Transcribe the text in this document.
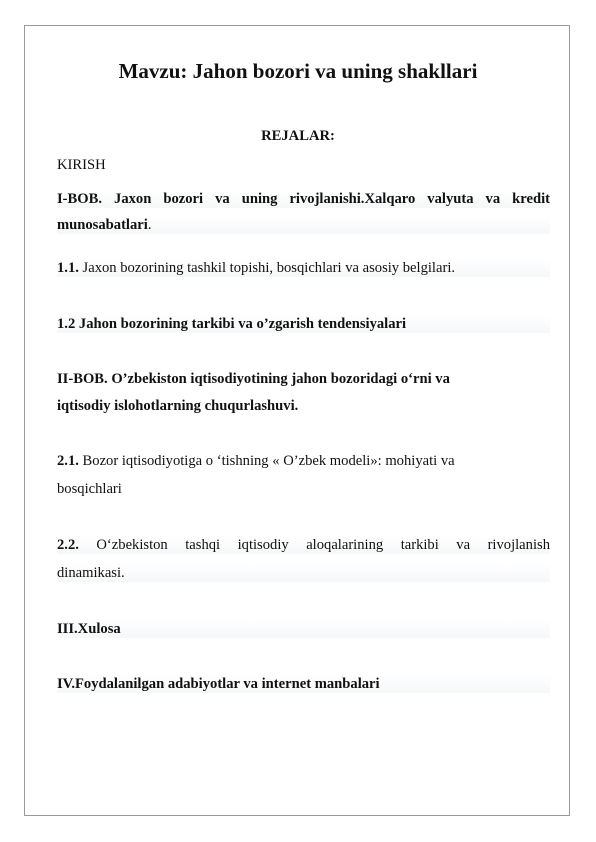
Mavzu: Jahon bozori va uning shakllari
REJALAR:
KIRISH
I-BOB. Jaxon bozori va uning rivojlanishi.Xalqaro valyuta va kredit
munosabatlari.
1.1. Jaxon bozorining tashkil topishi, bosqichlari va asosiy belgilari.
1.2 Jahon bozorining tarkibi va o’zgarish tendensiyalari
II-BOB. O’zbekiston iqtisodiyotining jahon bozoridagi o‘rni va
iqtisodiy islohotlarning chuqurlashuvi.
2.1. Bozor iqtisodiyotiga o ‘tishning « O’zbek modeli»: mohiyati va
bosqichlari
2.2. O‘zbekiston tashqi iqtisodiy aloqalarining tarkibi va rivojlanish
dinamikasi.
III.Xulosa
IV.Foydalanilgan adabiyotlar va internet manbalari
